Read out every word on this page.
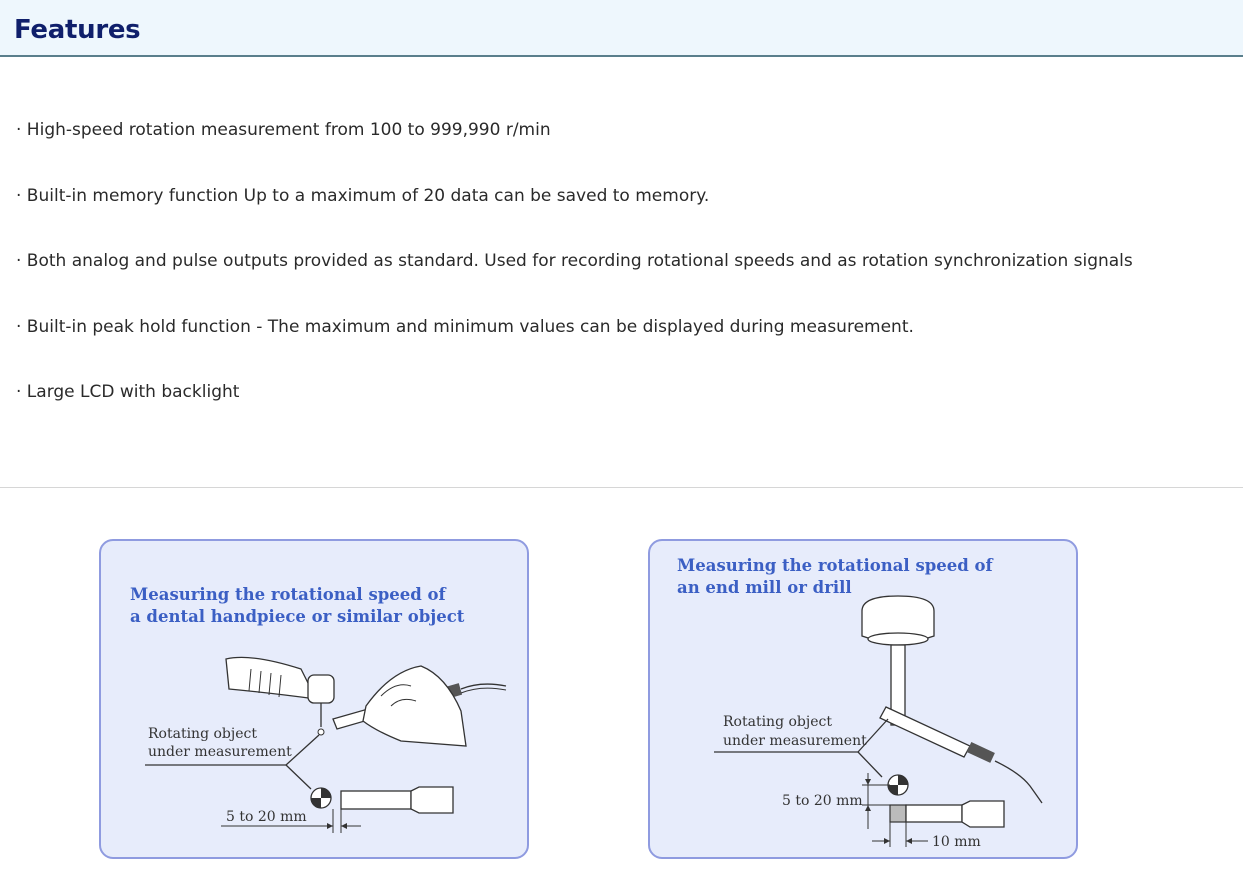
Features
· High-speed rotation measurement from 100 to 999,990 r/min
· Built-in memory function Up to a maximum of 20 data can be saved to memory.
· Both analog and pulse outputs provided as standard. Used for recording rotational speeds and as rotation synchronization signals
· Built-in peak hold function - The maximum and minimum values can be displayed during measurement.
· Large LCD with backlight
Measuring the rotational speed of
a dental handpiece or similar object
Rotating object
under measurement
5 to 20 mm
Measuring the rotational speed of
an end mill or drill
Rotating object
under measurement
5 to 20 mm
10 mm
